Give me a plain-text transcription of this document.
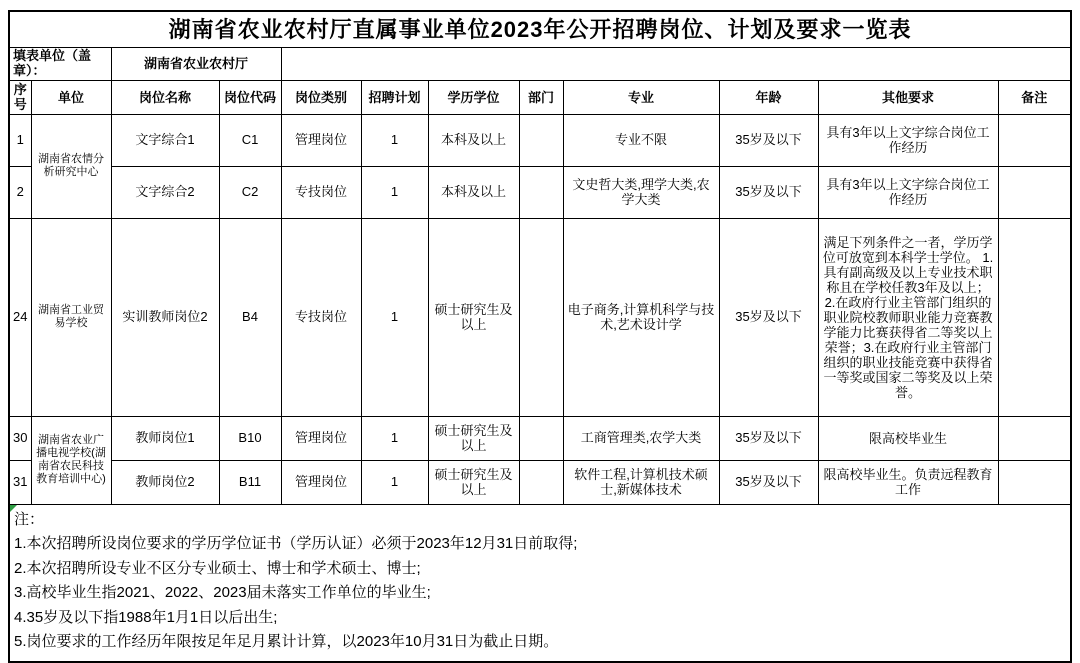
湖南省农业农村厅直属事业单位2023年公开招聘岗位、计划及要求一览表											
填表单位（盖章）：		湖南省农业农村厅									
序号	单位	岗位名称	岗位代码	岗位类别	招聘计划	学历学位	部门	专业	年龄	其他要求	备注
1	湖南省农情分析研究中心	文字综合1	C1	管理岗位	1	本科及以上		专业不限	35岁及以下	具有3年以上文字综合岗位工作经历	
2		文字综合2	C2	专技岗位	1	本科及以上		文史哲大类,理学大类,农学大类	35岁及以下	具有3年以上文字综合岗位工作经历	
24	湖南省工业贸易学校	实训教师岗位2	B4	专技岗位	1	硕士研究生及以上		电子商务,计算机科学与技术,艺术设计学	35岁及以下	满足下列条件之一者，学历学位可放宽到本科学士学位。 1.具有副高级及以上专业技术职称且在学校任教3年及以上； 2.在政府行业主管部门组织的职业院校教师职业能力竞赛教学能力比赛获得省二等奖以上荣誉；3.在政府行业主管部门组织的职业技能竞赛中获得省一等奖或国家二等奖及以上荣誉。	
30	湖南省农业广播电视学校(湖南省农民科技教育培训中心)	教师岗位1	B10	管理岗位	1	硕士研究生及以上		工商管理类,农学大类	35岁及以下	限高校毕业生	
31		教师岗位2	B11	管理岗位	1	硕士研究生及以上		软件工程,计算机技术硕士,新媒体技术	35岁及以下	限高校毕业生。负责远程教育工作	

注：
1.本次招聘所设岗位要求的学历学位证书（学历认证）必须于2023年12月31日前取得;
2.本次招聘所设专业不区分专业硕士、博士和学术硕士、博士;
3.高校毕业生指2021、2022、2023届未落实工作单位的毕业生;
4.35岁及以下指1988年1月1日以后出生;
5.岗位要求的工作经历年限按足年足月累计计算，以2023年10月31日为截止日期。
